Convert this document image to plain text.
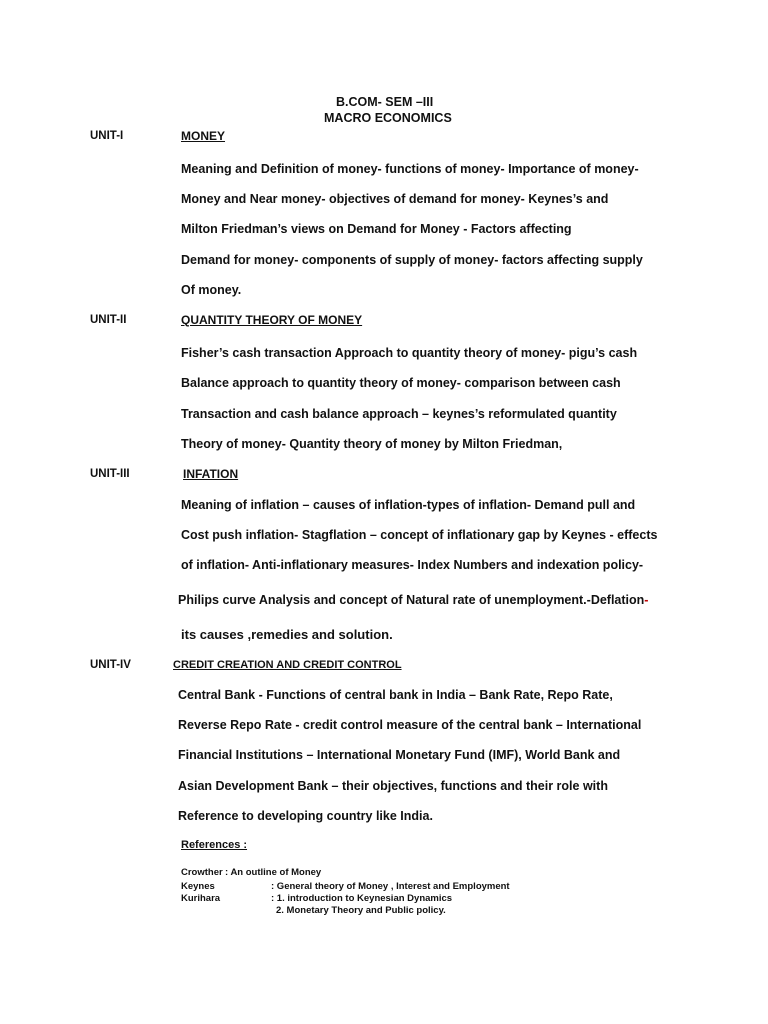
B.COM- SEM –III
MACRO ECONOMICS
UNIT-I	MONEY
Meaning and Definition of money- functions of money- Importance of money-
Money and Near money- objectives of demand for money- Keynes’s and
Milton Friedman’s views on Demand for Money - Factors affecting
Demand for money- components of supply of money- factors affecting supply
Of money.
UNIT-II	QUANTITY THEORY OF MONEY
Fisher’s cash transaction Approach to quantity theory of money- pigu’s cash
Balance approach to quantity theory of money- comparison between cash
Transaction and cash balance approach – keynes’s reformulated quantity
Theory of money- Quantity theory of money by Milton Friedman,
UNIT-III	INFATION
Meaning of inflation – causes of inflation-types of inflation- Demand pull and
Cost push inflation- Stagflation – concept of inflationary gap by Keynes - effects
of inflation- Anti-inflationary measures- Index Numbers and indexation policy-
Philips curve Analysis and concept of Natural rate of unemployment.-Deflation-
its causes ,remedies and solution.
UNIT-IV	CREDIT CREATION AND CREDIT CONTROL
Central Bank - Functions of central bank in India – Bank Rate, Repo Rate,
Reverse Repo Rate - credit control measure of the central bank – International
Financial Institutions – International Monetary Fund (IMF), World Bank and
Asian Development Bank – their objectives, functions and their role with
Reference to developing country like India.
References :
Crowther : An outline of Money
Keynes	: General theory of Money , Interest and Employment
Kurihara	: 1. introduction to Keynesian Dynamics
2. Monetary Theory and Public policy.
